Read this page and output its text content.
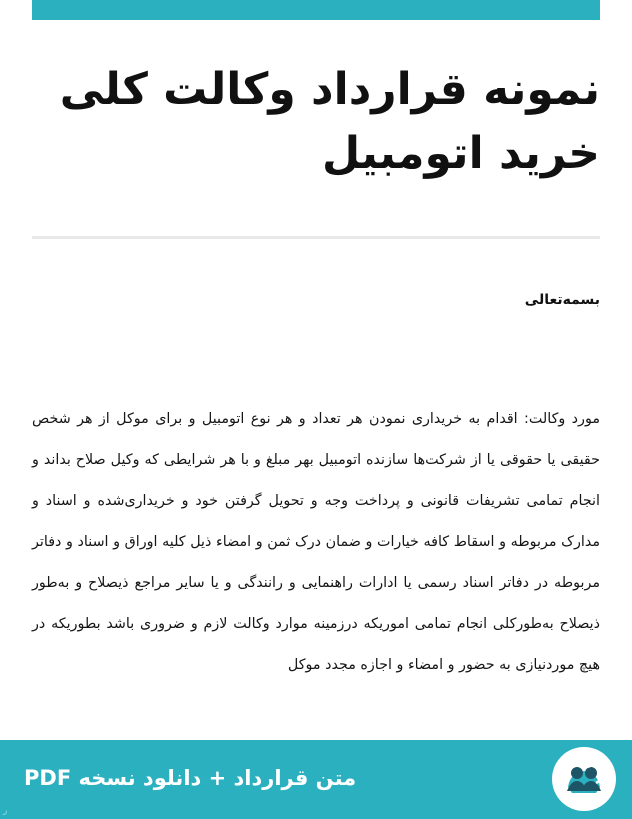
نمونه قرارداد وکالت کلی خرید اتومبیل

بسمه‌تعالی

مورد وکالت: اقدام به خریداری نمودن هر تعداد و هر نوع اتومبیل و برای موکل از هر شخص حقیقی یا حقوقی یا از شرکت‌ها سازنده اتومبیل بهر مبلغ و با هر شرایطی که وکیل صلاح بداند و انجام تمامی تشریفات قانونی و پرداخت وجه و تحویل گرفتن خود و خریداری‌شده و اسناد و مدارک مربوطه و اسقاط کافه خیارات و ضمان درک ثمن و امضاء ذیل کلیه اوراق و اسناد و دفاتر مربوطه در دفاتر اسناد رسمی یا ادارات راهنمایی و رانندگی و یا سایر مراجع ذیصلاح و به‌طور ذیصلاح به‌طورکلی انجام تمامی اموریکه درزمینه موارد وکالت لازم و ضروری باشد بطوریکه در هیچ موردنیازی به حضور و امضاء و اجازه مجدد موکل

متن قرارداد + دانلود نسخه PDF
﻿ر
